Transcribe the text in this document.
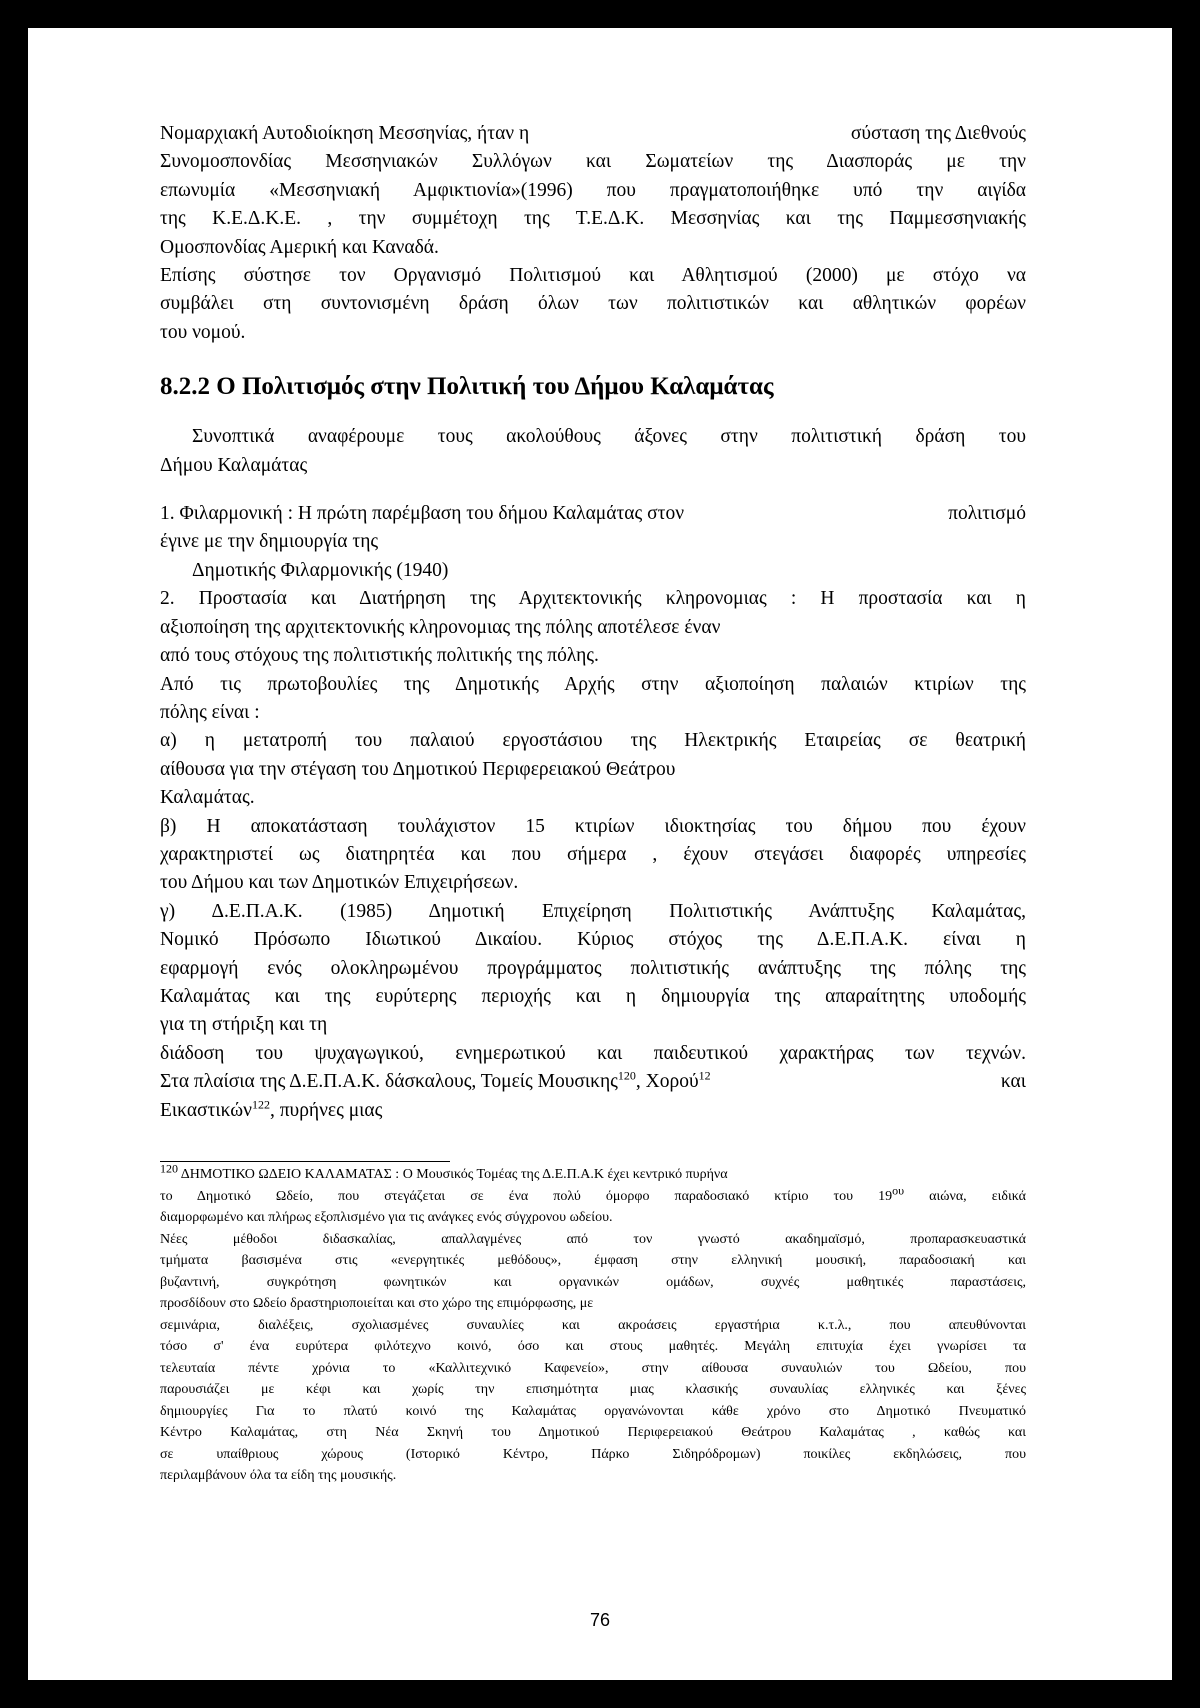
Νομαρχιακή Αυτοδιοίκηση Μεσσηνίας, ήταν η	σύσταση της Διεθνούς
Συνομοσπονδίας Μεσσηνιακών Συλλόγων και Σωματείων της Διασποράς με την
επωνυμία «Μεσσηνιακή Αμφικτιονία»(1996) που πραγματοποιήθηκε υπό την αιγίδα
της Κ.Ε.Δ.Κ.Ε. , την συμμέτοχη της Τ.Ε.Δ.Κ. Μεσσηνίας και της Παμμεσσηνιακής
Ομοσπονδίας Αμερική και Καναδά.
Επίσης σύστησε τον Οργανισμό Πολιτισμού και Αθλητισμού (2000) με στόχο να
συμβάλει στη συντονισμένη δράση όλων των πολιτιστικών και αθλητικών φορέων
του νομού.
8.2.2 Ο Πολιτισμός στην Πολιτική του Δήμου Καλαμάτας
Συνοπτικά αναφέρουμε τους ακολούθους άξονες στην πολιτιστική δράση του
Δήμου Καλαμάτας
1. Φιλαρμονική : Η πρώτη παρέμβαση του δήμου Καλαμάτας στον	πολιτισμό
έγινε με την δημιουργία της
Δημοτικής Φιλαρμονικής (1940)
2. Προστασία και Διατήρηση της Αρχιτεκτονικής κληρονομιας : Η προστασία και η
αξιοποίηση της αρχιτεκτονικής κληρονομιας της πόλης αποτέλεσε έναν
από τους στόχους της πολιτιστικής πολιτικής της πόλης.
Από τις πρωτοβουλίες της Δημοτικής Αρχής στην αξιοποίηση παλαιών κτιρίων της
πόλης είναι :
α) η μετατροπή του παλαιού εργοστάσιου της Ηλεκτρικής Εταιρείας σε θεατρική
αίθουσα για την στέγαση του Δημοτικού Περιφερειακού Θεάτρου
Καλαμάτας.
β) Η αποκατάσταση τουλάχιστον 15 κτιρίων ιδιοκτησίας του δήμου που έχουν
χαρακτηριστεί ως διατηρητέα και που σήμερα , έχουν στεγάσει διαφορές υπηρεσίες
του Δήμου και των Δημοτικών Επιχειρήσεων.
γ) Δ.Ε.Π.Α.Κ. (1985) Δημοτική Επιχείρηση Πολιτιστικής Ανάπτυξης Καλαμάτας,
Νομικό Πρόσωπο Ιδιωτικού Δικαίου. Κύριος στόχος της Δ.Ε.Π.Α.Κ. είναι η
εφαρμογή ενός ολοκληρωμένου προγράμματος πολιτιστικής ανάπτυξης της πόλης της
Καλαμάτας και της ευρύτερης περιοχής και η δημιουργία της απαραίτητης υποδομής
για τη στήριξη και τη
διάδοση του ψυχαγωγικού, ενημερωτικού και παιδευτικού χαρακτήρας των τεχνών.
Στα πλαίσια της Δ.Ε.Π.Α.Κ. δάσκαλους, Τομείς Μουσικης$^{120}$, Χορού$^{12}$	και
Εικαστικών$^{122}$, πυρήνες μιας
$^{120}$ ΔΗΜΟΤΙΚΟ ΩΔΕΙΟ ΚΑΛΑΜΑΤΑΣ : Ο Μουσικός Τομέας της Δ.Ε.Π.Α.Κ έχει κεντρικό πυρήνα
το Δημοτικό Ωδείο, που στεγάζεται σε ένα πολύ όμορφο παραδοσιακό κτίριο του $19^{o\upsilon}$ αιώνα, ειδικά
διαμορφωμένο και πλήρως εξοπλισμένο για τις ανάγκες ενός σύγχρονου ωδείου.
Νέες μέθοδοι διδασκαλίας, απαλλαγμένες από τον γνωστό ακαδημαϊσμό, προπαρασκευαστικά
τμήματα βασισμένα στις «ενεργητικές μεθόδους», έμφαση στην ελληνική μουσική, παραδοσιακή και
βυζαντινή, συγκρότηση φωνητικών και οργανικών ομάδων, συχνές μαθητικές παραστάσεις,
προσδίδουν στο Ωδείο δραστηριοποιείται και στο χώρο της επιμόρφωσης, με
σεμινάρια, διαλέξεις, σχολιασμένες συναυλίες και ακροάσεις εργαστήρια κ.τ.λ., που απευθύνονται
τόσο σ' ένα ευρύτερα φιλότεχνο κοινό, όσο και στους μαθητές. Μεγάλη επιτυχία έχει γνωρίσει τα
τελευταία πέντε χρόνια το «Καλλιτεχνικό Καφενείο», στην αίθουσα συναυλιών του Ωδείου, που
παρουσιάζει με κέφι και χωρίς την επισημότητα μιας κλασικής συναυλίας ελληνικές και ξένες
δημιουργίες Για το πλατύ κοινό της Καλαμάτας οργανώνονται κάθε χρόνο στο Δημοτικό Πνευματικό
Κέντρο Καλαμάτας, στη Νέα Σκηνή του Δημοτικού Περιφερειακού Θεάτρου Καλαμάτας , καθώς και
σε υπαίθριους χώρους (Ιστορικό Κέντρο, Πάρκο Σιδηρόδρομων) ποικίλες εκδηλώσεις, που
περιλαμβάνουν όλα τα είδη της μουσικής.
76
